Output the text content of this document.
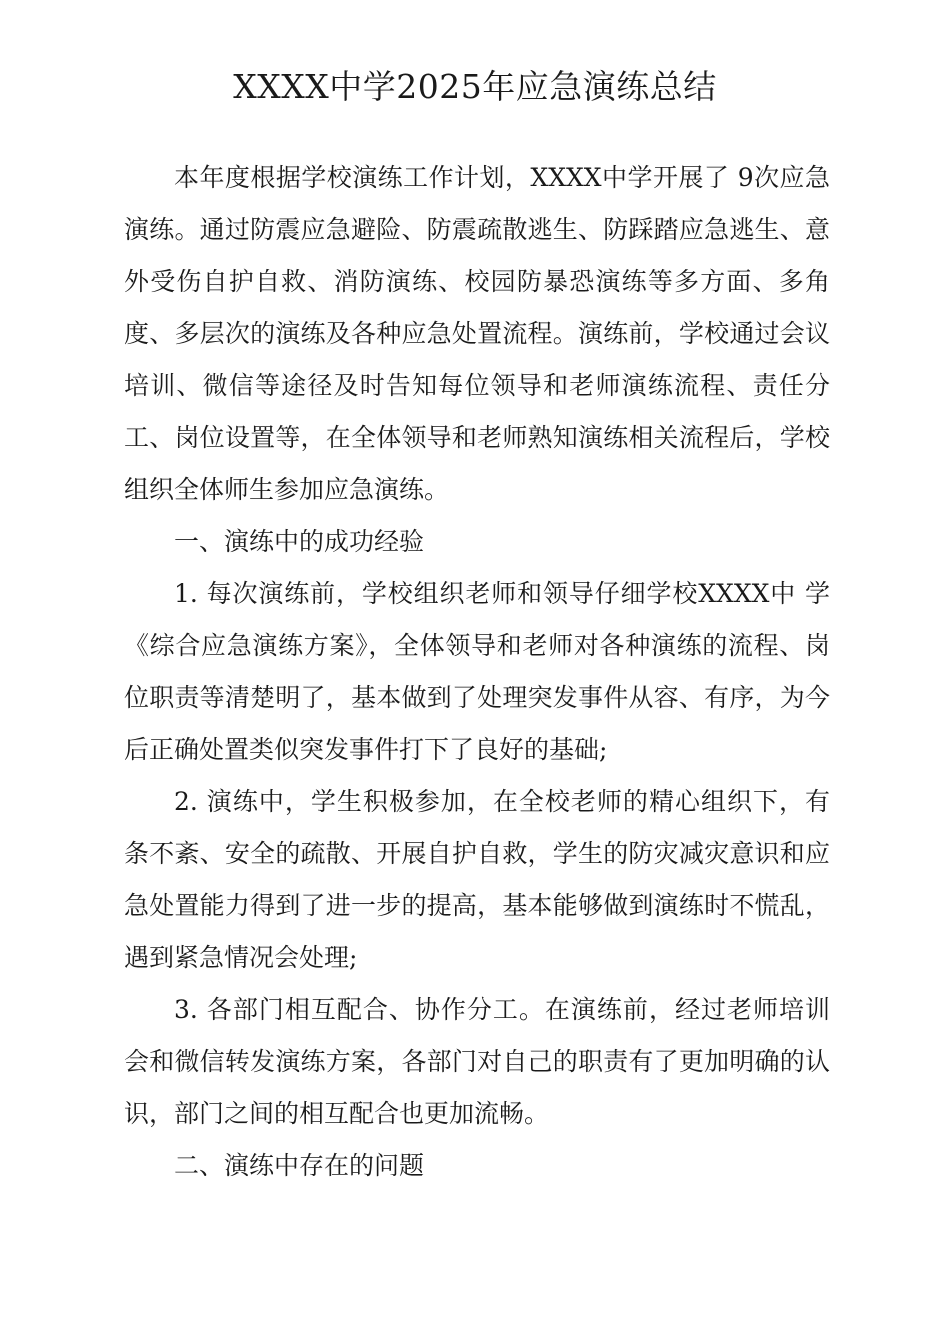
XXXX中学2025年应急演练总结

本年度根据学校演练工作计划，XXXX中学开展了 9次应急演练。通过防震应急避险、防震疏散逃生、防踩踏应急逃生、意外受伤自护自救、消防演练、校园防暴恐演练等多方面、多角度、多层次的演练及各种应急处置流程。演练前，学校通过会议培训、微信等途径及时告知每位领导和老师演练流程、责任分工、岗位设置等，在全体领导和老师熟知演练相关流程后，学校组织全体师生参加应急演练。

一、演练中的成功经验

1. 每次演练前，学校组织老师和领导仔细学校XXXX中 学《综合应急演练方案》，全体领导和老师对各种演练的流程、岗位职责等清楚明了，基本做到了处理突发事件从容、有序，为今后正确处置类似突发事件打下了良好的基础;

2. 演练中，学生积极参加，在全校老师的精心组织下，有条不紊、安全的疏散、开展自护自救，学生的防灾减灾意识和应急处置能力得到了进一步的提高，基本能够做到演练时不慌乱，遇到紧急情况会处理;

3. 各部门相互配合、协作分工。在演练前，经过老师培训会和微信转发演练方案，各部门对自己的职责有了更加明确的认识，部门之间的相互配合也更加流畅。

二、演练中存在的问题
